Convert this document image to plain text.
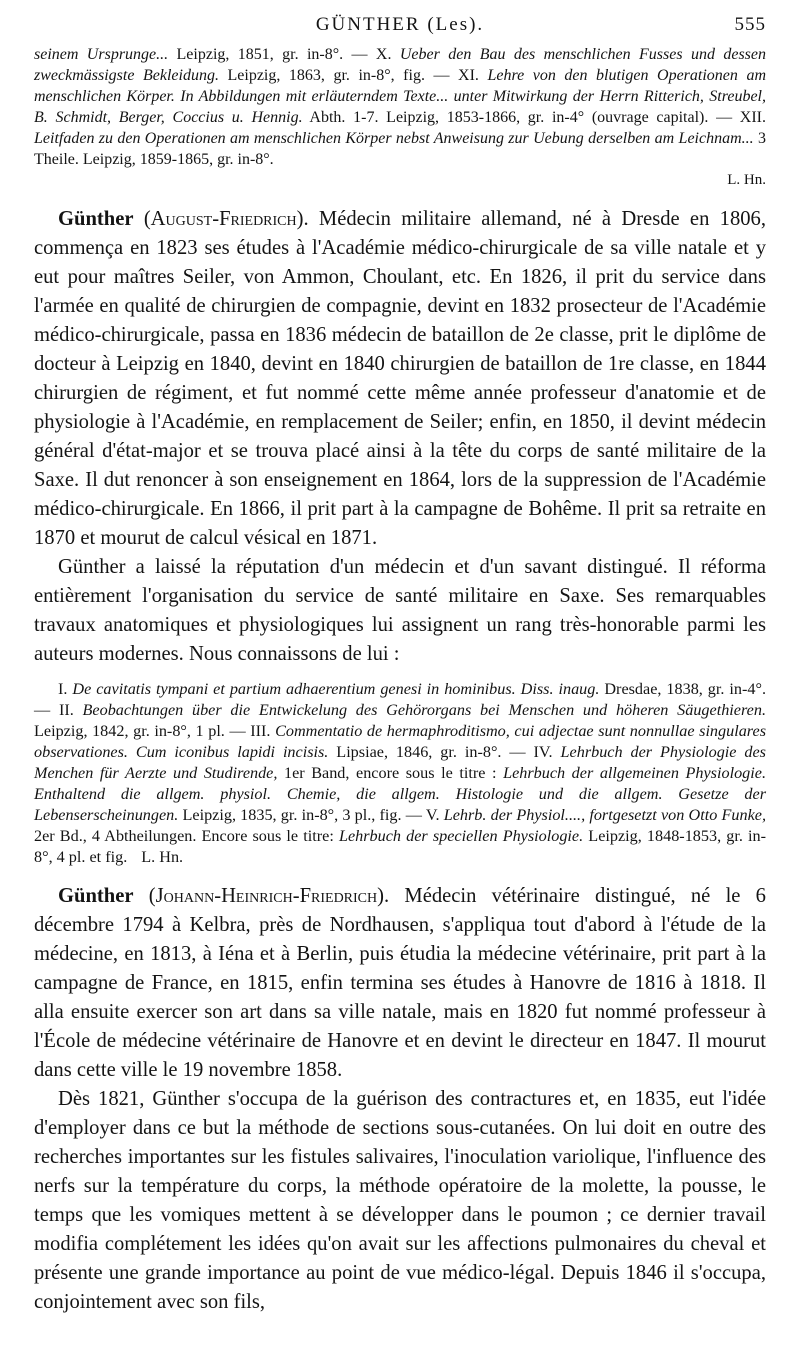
GÜNTHER (Les).	555
seinem Ursprunge... Leipzig, 1851, gr. in-8°. — X. Ueber den Bau des menschlichen Fusses und dessen zweckmässigste Bekleidung. Leipzig, 1863, gr. in-8°, fig. — XI. Lehre von den blutigen Operationen am menschlichen Körper. In Abbildungen mit erläuterndem Texte... unter Mitwirkung der Herrn Ritterich, Streubel, B. Schmidt, Berger, Coccius u. Hennig. Abth. 1-7. Leipzig, 1853-1866, gr. in-4° (ouvrage capital). — XII. Leitfaden zu den Operationen am menschlichen Körper nebst Anweisung zur Uebung derselben am Leichnam... 3 Theile. Leipzig, 1859-1865, gr. in-8°.
L. Hn.

Günther (August-Friedrich). Médecin militaire allemand, né à Dresde en 1806, commença en 1823 ses études à l'Académie médico-chirurgicale de sa ville natale et y eut pour maîtres Seiler, von Ammon, Choulant, etc. En 1826, il prit du service dans l'armée en qualité de chirurgien de compagnie, devint en 1832 prosecteur de l'Académie médico-chirurgicale, passa en 1836 médecin de bataillon de 2e classe, prit le diplôme de docteur à Leipzig en 1840, devint en 1840 chirurgien de bataillon de 1re classe, en 1844 chirurgien de régiment, et fut nommé cette même année professeur d'anatomie et de physiologie à l'Académie, en remplacement de Seiler; enfin, en 1850, il devint médecin général d'état-major et se trouva placé ainsi à la tête du corps de santé militaire de la Saxe. Il dut renoncer à son enseignement en 1864, lors de la suppression de l'Académie médico-chirurgicale. En 1866, il prit part à la campagne de Bohême. Il prit sa retraite en 1870 et mourut de calcul vésical en 1871.

Günther a laissé la réputation d'un médecin et d'un savant distingué. Il réforma entièrement l'organisation du service de santé militaire en Saxe. Ses remarquables travaux anatomiques et physiologiques lui assignent un rang très-honorable parmi les auteurs modernes. Nous connaissons de lui :

I. De cavitatis tympani et partium adhaerentium genesi in hominibus. Diss. inaug. Dresdae, 1838, gr. in-4°. — II. Beobachtungen über die Entwickelung des Gehörorgans bei Menschen und höheren Säugethieren. Leipzig, 1842, gr. in-8°, 1 pl. — III. Commentatio de hermaphroditismo, cui adjectae sunt nonnullae singulares observationes. Cum iconibus lapidi incisis. Lipsiae, 1846, gr. in-8°. — IV. Lehrbuch der Physiologie des Menchen für Aerzte und Studirende, 1er Band, encore sous le titre : Lehrbuch der allgemeinen Physiologie. Enthaltend die allgem. physiol. Chemie, die allgem. Histologie und die allgem. Gesetze der Lebenserscheinungen. Leipzig, 1835, gr. in-8°, 3 pl., fig. — V. Lehrb. der Physiol...., fortgesetzt von Otto Funke, 2er Bd., 4 Abtheilungen. Encore sous le titre: Lehrbuch der speciellen Physiologie. Leipzig, 1848-1853, gr. in-8°, 4 pl. et fig. L. Hn.

Günther (Johann-Heinrich-Friedrich). Médecin vétérinaire distingué, né le 6 décembre 1794 à Kelbra, près de Nordhausen, s'appliqua tout d'abord à l'étude de la médecine, en 1813, à Iéna et à Berlin, puis étudia la médecine vétérinaire, prit part à la campagne de France, en 1815, enfin termina ses études à Hanovre de 1816 à 1818. Il alla ensuite exercer son art dans sa ville natale, mais en 1820 fut nommé professeur à l'École de médecine vétérinaire de Hanovre et en devint le directeur en 1847. Il mourut dans cette ville le 19 novembre 1858.

Dès 1821, Günther s'occupa de la guérison des contractures et, en 1835, eut l'idée d'employer dans ce but la méthode de sections sous-cutanées. On lui doit en outre des recherches importantes sur les fistules salivaires, l'inoculation variolique, l'influence des nerfs sur la température du corps, la méthode opératoire de la molette, la pousse, le temps que les vomiques mettent à se développer dans le poumon ; ce dernier travail modifia complétement les idées qu'on avait sur les affections pulmonaires du cheval et présente une grande importance au point de vue médico-légal. Depuis 1846 il s'occupa, conjointement avec son fils,
